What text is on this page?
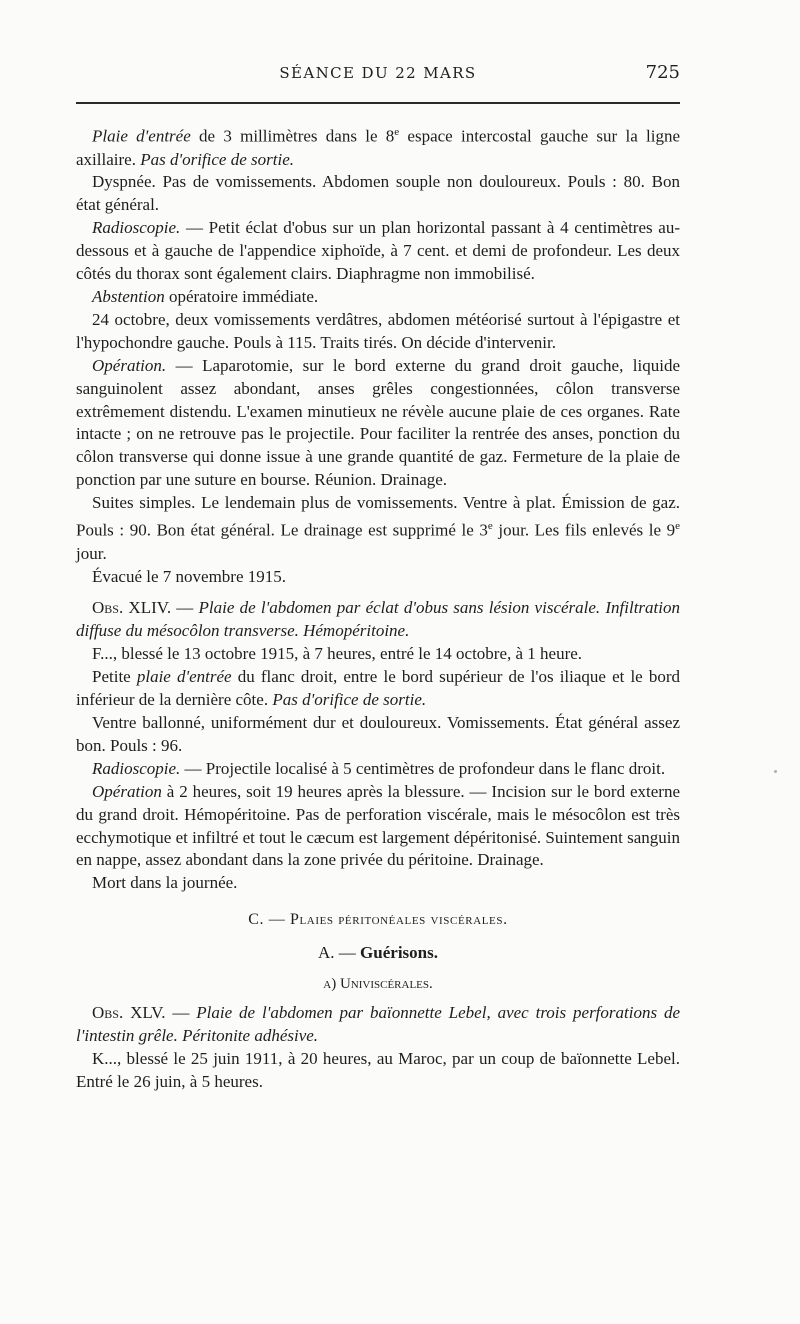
SÉANCE DU 22 MARS	725

Plaie d'entrée de 3 millimètres dans le 8e espace intercostal gauche sur la ligne axillaire. Pas d'orifice de sortie.

Dyspnée. Pas de vomissements. Abdomen souple non douloureux. Pouls : 80. Bon état général.

Radioscopie. — Petit éclat d'obus sur un plan horizontal passant à 4 centimètres au-dessous et à gauche de l'appendice xiphoïde, à 7 cent. et demi de profondeur. Les deux côtés du thorax sont également clairs. Diaphragme non immobilisé.

Abstention opératoire immédiate.

24 octobre, deux vomissements verdâtres, abdomen météorisé surtout à l'épigastre et l'hypochondre gauche. Pouls à 115. Traits tirés. On décide d'intervenir.

Opération. — Laparotomie, sur le bord externe du grand droit gauche, liquide sanguinolent assez abondant, anses grêles congestionnées, côlon transverse extrêmement distendu. L'examen minutieux ne révèle aucune plaie de ces organes. Rate intacte ; on ne retrouve pas le projectile. Pour faciliter la rentrée des anses, ponction du côlon transverse qui donne issue à une grande quantité de gaz. Fermeture de la plaie de ponction par une suture en bourse. Réunion. Drainage.

Suites simples. Le lendemain plus de vomissements. Ventre à plat. Émission de gaz. Pouls : 90. Bon état général. Le drainage est supprimé le 3e jour. Les fils enlevés le 9e jour.

Évacué le 7 novembre 1915.

Obs. XLIV. — Plaie de l'abdomen par éclat d'obus sans lésion viscérale. Infiltration diffuse du mésocôlon transverse. Hémopéritoine.

F..., blessé le 13 octobre 1915, à 7 heures, entré le 14 octobre, à 1 heure.

Petite plaie d'entrée du flanc droit, entre le bord supérieur de l'os iliaque et le bord inférieur de la dernière côte. Pas d'orifice de sortie.

Ventre ballonné, uniformément dur et douloureux. Vomissements. État général assez bon. Pouls : 96.

Radioscopie. — Projectile localisé à 5 centimètres de profondeur dans le flanc droit.

Opération à 2 heures, soit 19 heures après la blessure. — Incision sur le bord externe du grand droit. Hémopéritoine. Pas de perforation viscérale, mais le mésocôlon est très ecchymotique et infiltré et tout le cæcum est largement dépéritonisé. Suintement sanguin en nappe, assez abondant dans la zone privée du péritoine. Drainage.

Mort dans la journée.

C. — Plaies péritonéales viscérales.

A. — Guérisons.

a) Univiscérales.

Obs. XLV. — Plaie de l'abdomen par baïonnette Lebel, avec trois perforations de l'intestin grêle. Péritonite adhésive.

K..., blessé le 25 juin 1911, à 20 heures, au Maroc, par un coup de baïonnette Lebel. Entré le 26 juin, à 5 heures.
